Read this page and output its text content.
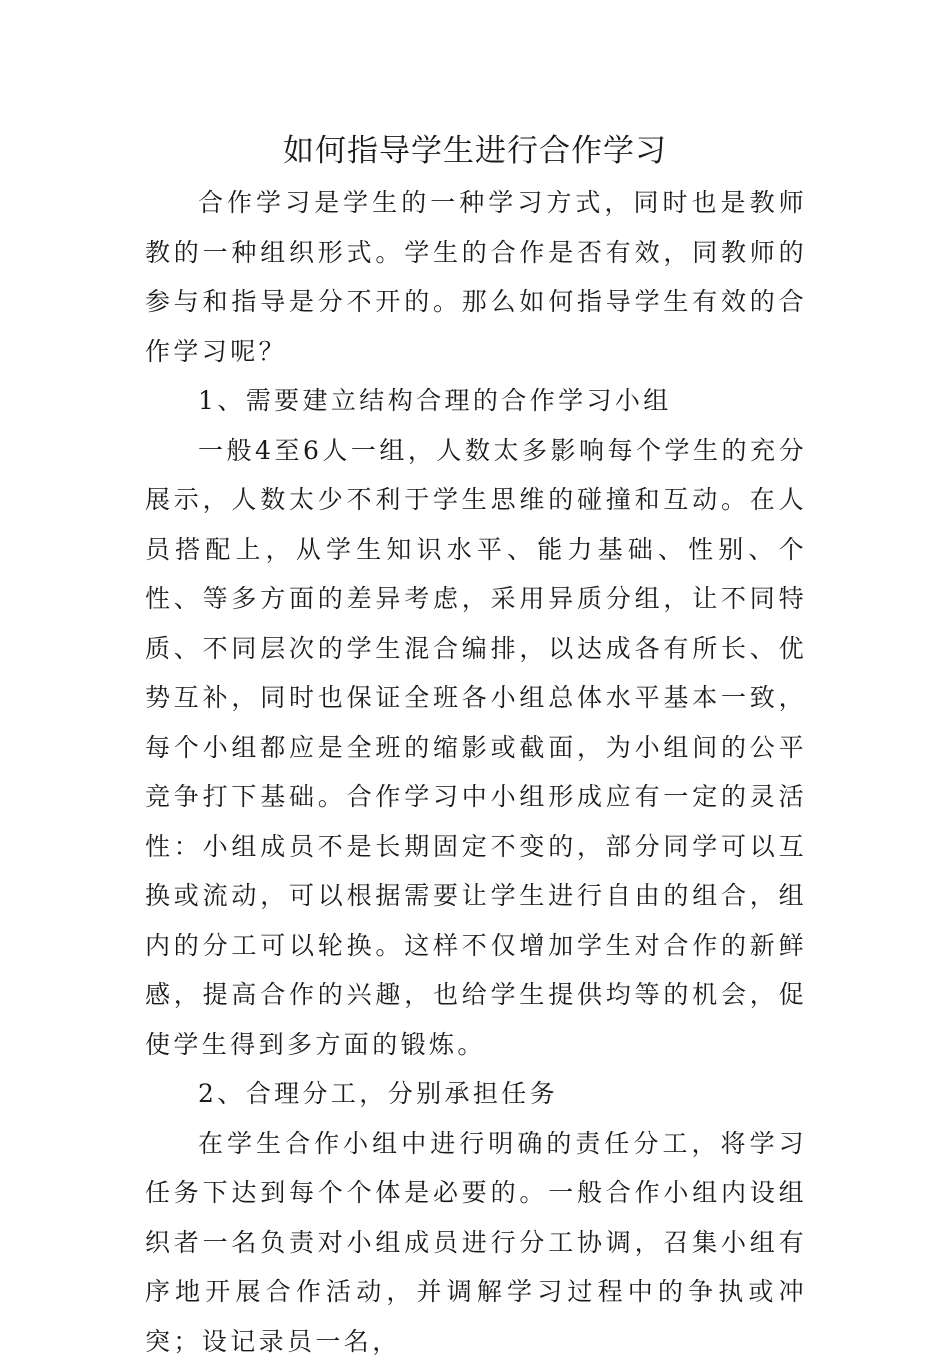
如何指导学生进行合作学习

合作学习是学生的一种学习方式，同时也是教师教的一种组织形式。学生的合作是否有效，同教师的参与和指导是分不开的。那么如何指导学生有效的合作学习呢？

1、需要建立结构合理的合作学习小组

一般4至6人一组，人数太多影响每个学生的充分展示，人数太少不利于学生思维的碰撞和互动。在人员搭配上，从学生知识水平、能力基础、性别、个性、等多方面的差异考虑，采用异质分组，让不同特质、不同层次的学生混合编排，以达成各有所长、优势互补，同时也保证全班各小组总体水平基本一致，每个小组都应是全班的缩影或截面，为小组间的公平竞争打下基础。合作学习中小组形成应有一定的灵活性：小组成员不是长期固定不变的，部分同学可以互换或流动，可以根据需要让学生进行自由的组合，组内的分工可以轮换。这样不仅增加学生对合作的新鲜感，提高合作的兴趣，也给学生提供均等的机会，促使学生得到多方面的锻炼。

2、合理分工，分别承担任务

在学生合作小组中进行明确的责任分工，将学习任务下达到每个个体是必要的。一般合作小组内设组织者一名负责对小组成员进行分工协调，召集小组有序地开展合作活动，并调解学习过程中的争执或冲突；设记录员一名，
